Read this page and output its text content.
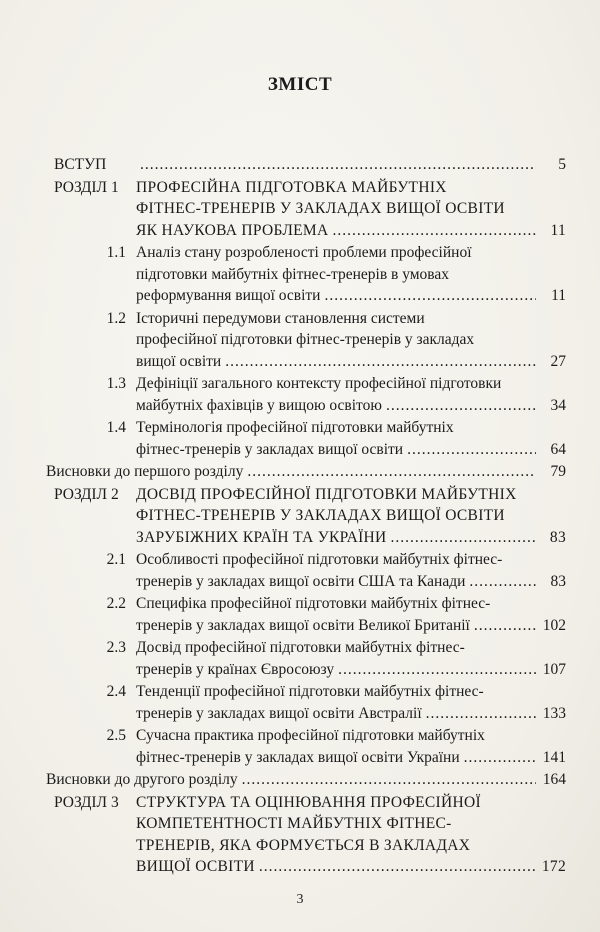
ЗМІСТ
ВСТУП .....	5
РОЗДІЛ 1	ПРОФЕСІЙНА ПІДГОТОВКА МАЙБУТНІХ
ФІТНЕС-ТРЕНЕРІВ У ЗАКЛАДАХ ВИЩОЇ ОСВІТИ
ЯК НАУКОВА ПРОБЛЕМА .....	11
1.1 Аналіз стану розробленості проблеми професійної
підготовки майбутніх фітнес-тренерів в умовах
реформування вищої освіти .....	11
1.2 Історичні передумови становлення системи
професійної підготовки фітнес-тренерів у закладах
вищої освіти .....	27
1.3 Дефініції загального контексту професійної підготовки
майбутніх фахівців у вищою освітою .....	34
1.4 Термінологія професійної підготовки майбутніх
фітнес-тренерів у закладах вищої освіти .....	64
Висновки до першого розділу .....	79
РОЗДІЛ 2	ДОСВІД ПРОФЕСІЙНОЇ ПІДГОТОВКИ МАЙБУТНІХ
ФІТНЕС-ТРЕНЕРІВ У ЗАКЛАДАХ ВИЩОЇ ОСВІТИ
ЗАРУБІЖНИХ КРАЇН ТА УКРАЇНИ .....	83
2.1 Особливості професійної підготовки майбутніх фітнес-
тренерів у закладах вищої освіти США та Канади .....	83
2.2 Специфіка професійної підготовки майбутніх фітнес-
тренерів у закладах вищої освіти Великої Британії .....	102
2.3 Досвід професійної підготовки майбутніх фітнес-
тренерів у країнах Євросоюзу .....	107
2.4 Тенденції професійної підготовки майбутніх фітнес-
тренерів у закладах вищої освіти Австралії .....	133
2.5 Сучасна практика професійної підготовки майбутніх
фітнес-тренерів у закладах вищої освіти України .....	141
Висновки до другого розділу .....	164
РОЗДІЛ 3	СТРУКТУРА ТА ОЦІНЮВАННЯ ПРОФЕСІЙНОЇ
КОМПЕТЕНТНОСТІ МАЙБУТНІХ ФІТНЕС-
ТРЕНЕРІВ, ЯКА ФОРМУЄТЬСЯ В ЗАКЛАДАХ
ВИЩОЇ ОСВІТИ .....	172
3
